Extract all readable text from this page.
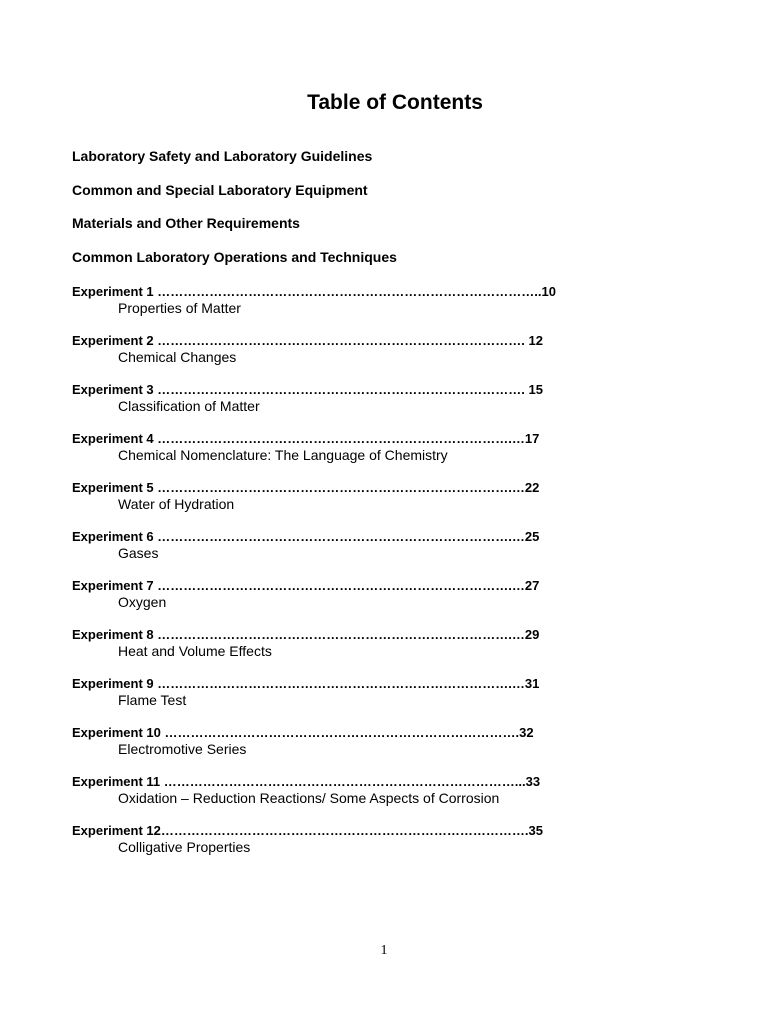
Table of Contents
Laboratory Safety and Laboratory Guidelines
Common and Special Laboratory Equipment
Materials and Other Requirements
Common Laboratory Operations and Techniques
Experiment 1 ……………………………………………………………………………..10
Properties of Matter
Experiment 2 …………………………………………………………………………. 12
Chemical Changes
Experiment 3 …………………………………………………………………………. 15
Classification of Matter
Experiment 4 ……………………………………………………………………….…17
Chemical Nomenclature: The Language of Chemistry
Experiment 5 ……………………………………………………………………….…22
Water of Hydration
Experiment 6 ……………………………………………………………………….…25
Gases
Experiment 7 ……………………………………………………………………….…27
Oxygen
Experiment 8 ……………………………………………………………………….…29
Heat and Volume Effects
Experiment 9 ……………………………………………………………………….…31
Flame Test
Experiment 10 ……………………………………………………………………….32
Electromotive Series
Experiment 11 ………………………………………………………………………...33
Oxidation – Reduction Reactions/ Some Aspects of Corrosion
Experiment 12………………………………………………………………………….35
Colligative Properties
1
